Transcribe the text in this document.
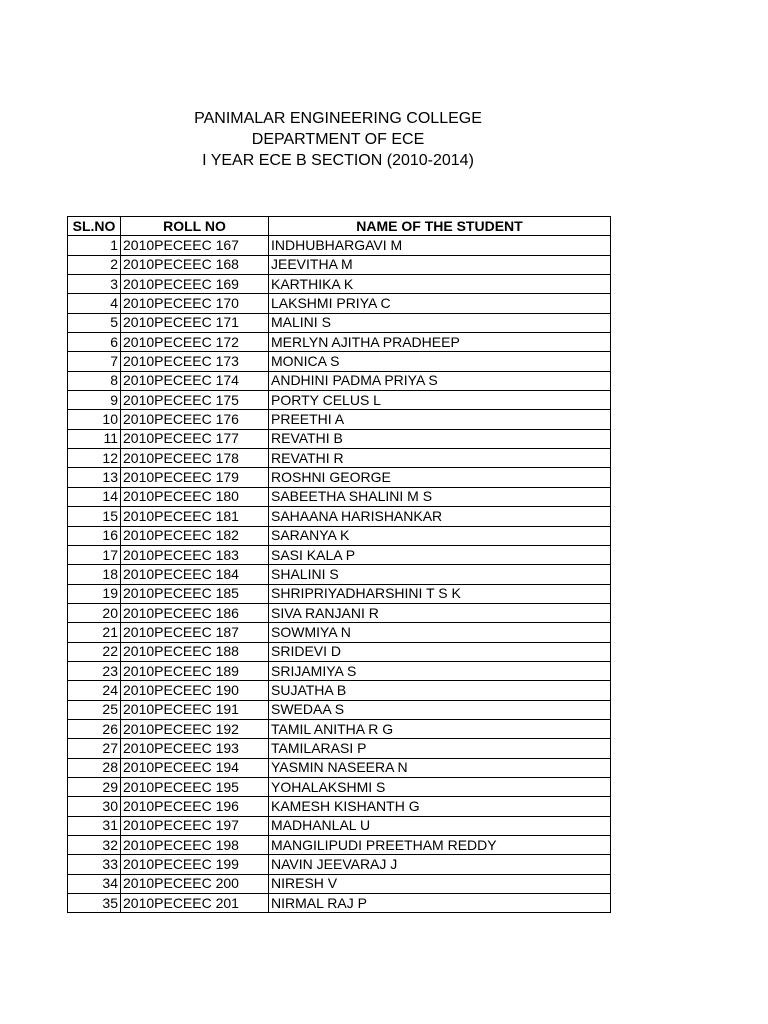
PANIMALAR ENGINEERING COLLEGE
DEPARTMENT OF ECE
I YEAR ECE B SECTION (2010-2014)
SL.NO	ROLL NO	NAME OF THE STUDENT
1	2010PECEEC 167	INDHUBHARGAVI M
2	2010PECEEC 168	JEEVITHA M
3	2010PECEEC 169	KARTHIKA K
4	2010PECEEC 170	LAKSHMI PRIYA C
5	2010PECEEC 171	MALINI S
6	2010PECEEC 172	MERLYN AJITHA PRADHEEP
7	2010PECEEC 173	MONICA S
8	2010PECEEC 174	ANDHINI PADMA PRIYA S
9	2010PECEEC 175	PORTY CELUS L
10	2010PECEEC 176	PREETHI A
11	2010PECEEC 177	REVATHI B
12	2010PECEEC 178	REVATHI R
13	2010PECEEC 179	ROSHNI GEORGE
14	2010PECEEC 180	SABEETHA SHALINI M S
15	2010PECEEC 181	SAHAANA HARISHANKAR
16	2010PECEEC 182	SARANYA K
17	2010PECEEC 183	SASI KALA P
18	2010PECEEC 184	SHALINI S
19	2010PECEEC 185	SHRIPRIYADHARSHINI T S K
20	2010PECEEC 186	SIVA RANJANI R
21	2010PECEEC 187	SOWMIYA N
22	2010PECEEC 188	SRIDEVI D
23	2010PECEEC 189	SRIJAMIYA S
24	2010PECEEC 190	SUJATHA B
25	2010PECEEC 191	SWEDAA S
26	2010PECEEC 192	TAMIL ANITHA R G
27	2010PECEEC 193	TAMILARASI P
28	2010PECEEC 194	YASMIN NASEERA N
29	2010PECEEC 195	YOHALAKSHMI S
30	2010PECEEC 196	KAMESH KISHANTH G
31	2010PECEEC 197	MADHANLAL U
32	2010PECEEC 198	MANGILIPUDI PREETHAM REDDY
33	2010PECEEC 199	NAVIN JEEVARAJ J
34	2010PECEEC 200	NIRESH V
35	2010PECEEC 201	NIRMAL RAJ P
